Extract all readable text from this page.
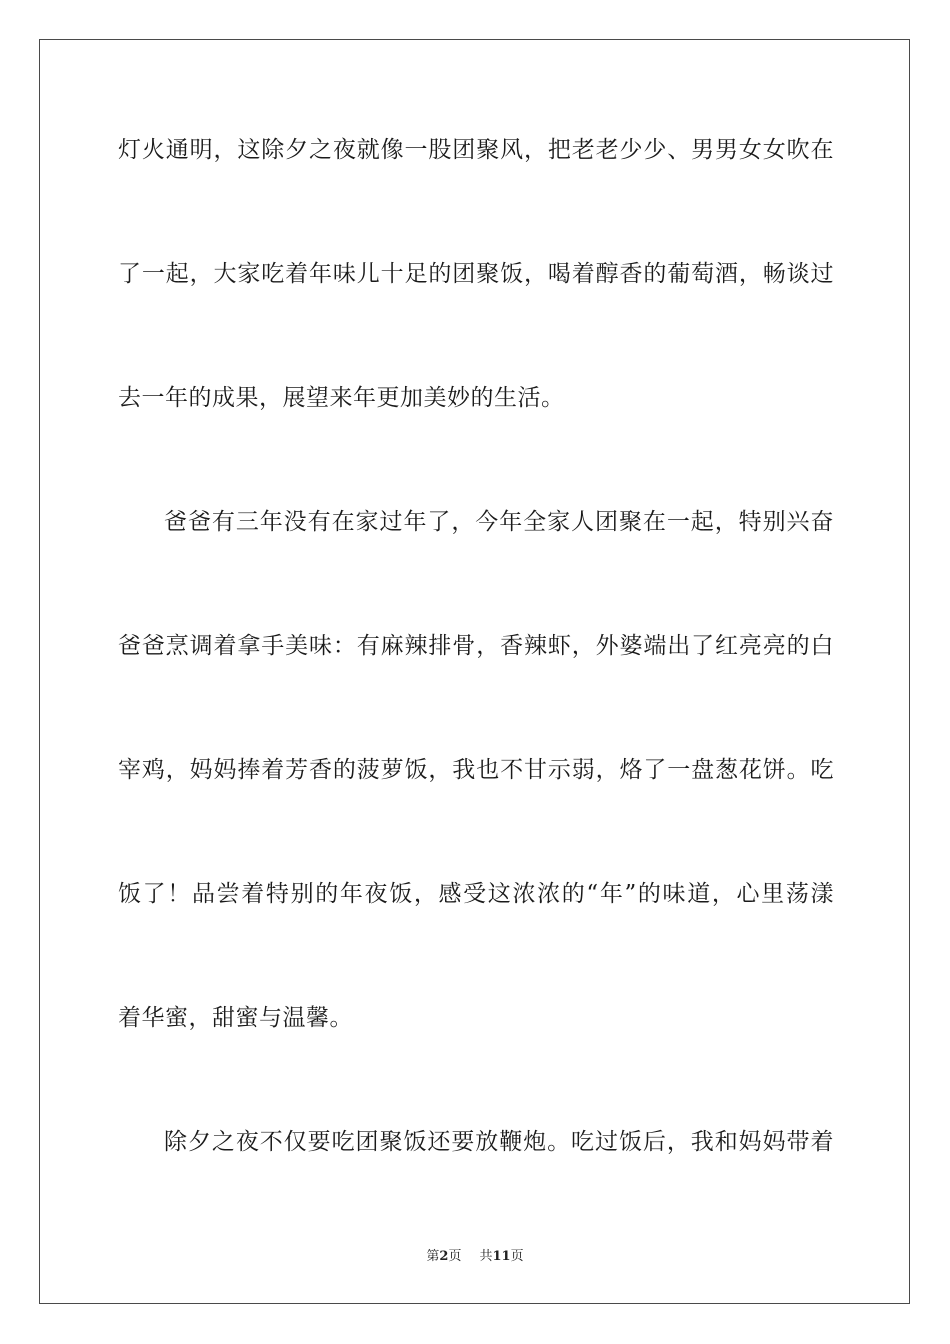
灯火通明，这除夕之夜就像一股团聚风，把老老少少、男男女女吹在
了一起，大家吃着年味儿十足的团聚饭，喝着醇香的葡萄酒，畅谈过
去一年的成果，展望来年更加美妙的生活。
爸爸有三年没有在家过年了，今年全家人团聚在一起，特别兴奋
爸爸烹调着拿手美味：有麻辣排骨，香辣虾，外婆端出了红亮亮的白
宰鸡，妈妈捧着芳香的菠萝饭，我也不甘示弱，烙了一盘葱花饼。吃
饭了！品尝着特别的年夜饭，感受这浓浓的“年”的味道，心里荡漾
着华蜜，甜蜜与温馨。
除夕之夜不仅要吃团聚饭还要放鞭炮。吃过饭后，我和妈妈带着
第2页 共11页
